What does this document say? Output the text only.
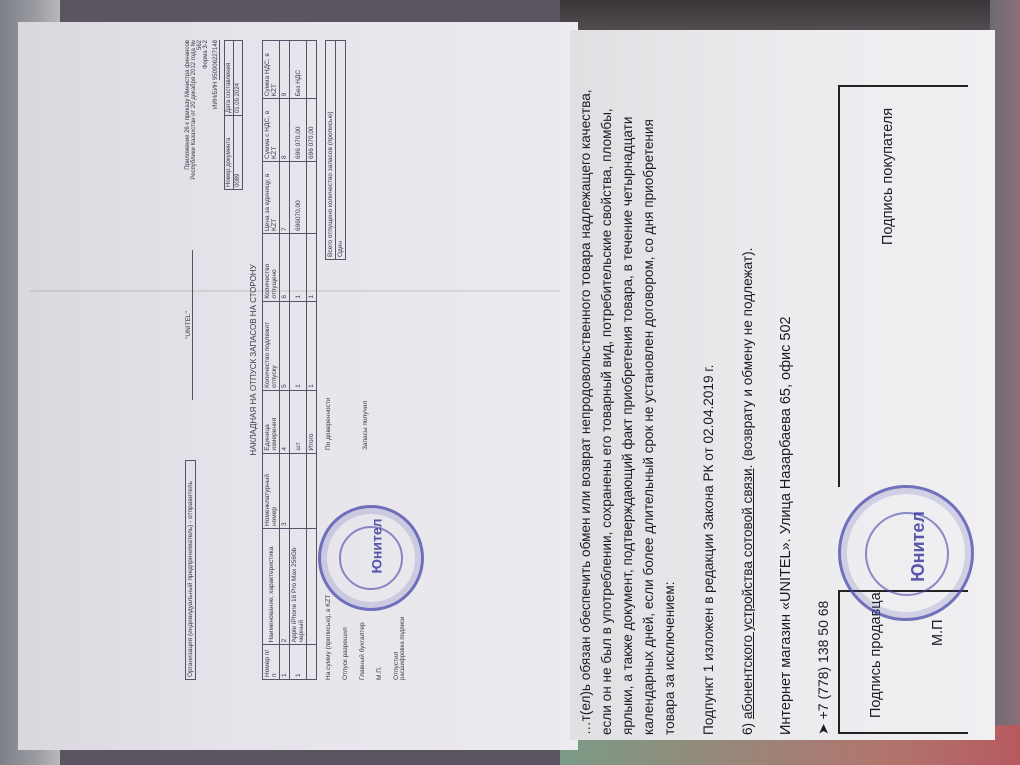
Организация (индивидуальный предприниматель) - отправитель
"UNITEL"
Приложение 26 к приказу Министра финансов Республики Казахстан от 20 декабря 2012 года № 562 Форма 3-2
ИИН/БИН 950906227148
Номер документа	Дата составления
0089	01.09.2024
НАКЛАДНАЯ НА ОТПУСК ЗАПАСОВ НА СТОРОНУ
Номер п/п	Наименование, характеристика	Номенклатурный номер	Единица измерения	Количество подлежит отпуску	Количество отпущено	Цена за единицу, в KZT	Сумма с НДС, в KZT	Сумма НДС, в KZT
1	2	3	4	5	6	7	8	9
1	Apple iPhone 16 Pro Max 256Gb черный		шт	1	1	696070,00	696 070,00	Без НДС
			Итого	1	1		696 070,00	
На сумму (прописью), в KZT Отпуск разрешил Главный бухгалтер М.П. Отпустил расшифровка подписи
По доверенности	Запасы получил
Всего отпущено количество запасов (прописью)
Один
Юнител	…т(ел)ь обязан обеспечить обмен или возврат непродовольственного товара надлежащего качества, если он не был в употреблении, сохранены его товарный вид, потребительские свойства, пломбы, ярлыки, а также документ, подтверждающий факт приобретения товара, в течение четырнадцати календарных дней, если более длительный срок не установлен договором, со дня приобретения товара за исключением: Подпункт 1 изложен в редакции Закона РК от 02.04.2019 г. 6) абонентского устройства сотовой связи. (возврату и обмену не подлежат). Интернет магазин «UNITEL». Улица Назарбаева 65, офис 502 ➤ +7 (778) 138 50 68	Подпись продавца	М.П
Подпись покупателя
Юнител
